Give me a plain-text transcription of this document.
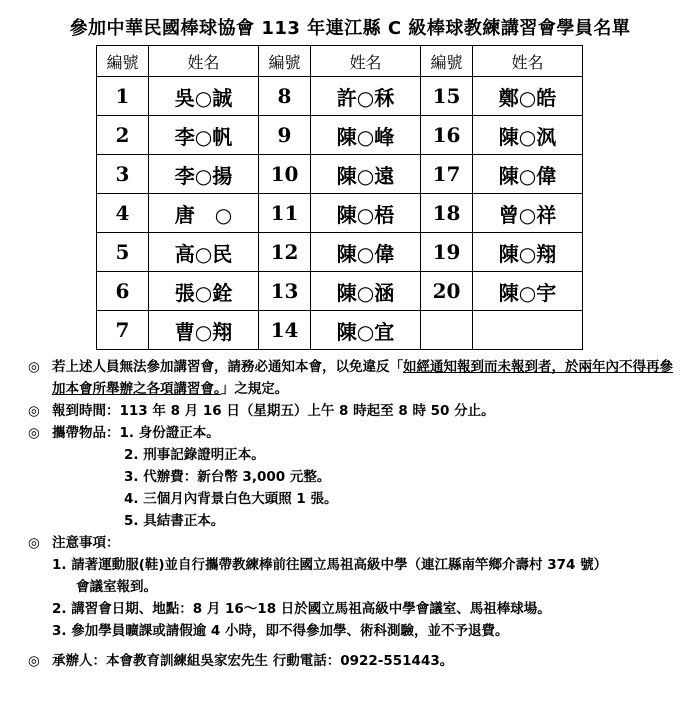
參加中華民國棒球協會 113 年連江縣 C 級棒球教練講習會學員名單
編號	姓名	編號	姓名	編號	姓名
1	吳○誠	8	許○秝	15	鄭○皓
2	李○帆	9	陳○峰	16	陳○沨
3	李○揚	10	陳○遠	17	陳○偉
4	唐　○	11	陳○梧	18	曾○祥
5	高○民	12	陳○偉	19	陳○翔
6	張○銓	13	陳○涵	20	陳○宇
7	曹○翔	14	陳○宜		
◎ 若上述人員無法參加講習會，請務必通知本會，以免違反「如經通知報到而未報到者，於兩年內不得再參加本會所舉辦之各項講習會。」之規定。
◎ 報到時間：113 年 8 月 16 日（星期五）上午 8 時起至 8 時 50 分止。
◎ 攜帶物品：1. 身份證正本。
2. 刑事記錄證明正本。
3. 代辦費：新台幣 3,000 元整。
4. 三個月內背景白色大頭照 1 張。
5. 具結書正本。
◎ 注意事項：
1. 請著運動服(鞋)並自行攜帶教練棒前往國立馬祖高級中學（連江縣南竿鄉介壽村 374 號）
會議室報到。
2. 講習會日期、地點：8 月 16～18 日於國立馬祖高級中學會議室、馬祖棒球場。
3. 參加學員曠課或請假逾 4 小時，即不得參加學、術科測驗，並不予退費。
◎ 承辦人：本會教育訓練組吳家宏先生 行動電話：0922-551443。
